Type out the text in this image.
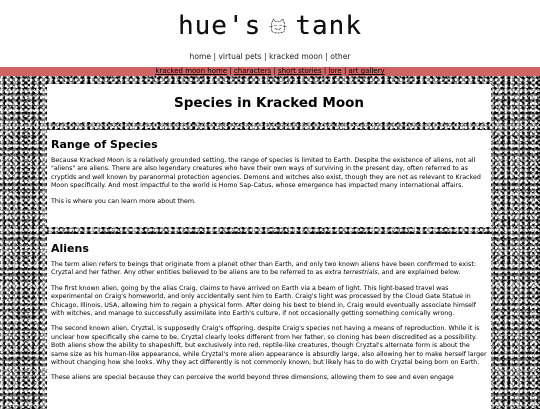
hue's tank
home | virtual pets | kracked moon | other
kracked moon home | characters | short stories | lore | art gallery
Species in Kracked Moon
Range of Species

Because Kracked Moon is a relatively grounded setting, the range of species is limited to Earth. Despite the existence of aliens, not all "aliens" are aliens. There are also legendary creatures who have their own ways of surviving in the present day, often referred to as cryptids and well known by paranormal protection agencies. Demons and witches also exist, though they are not as relevant to Kracked Moon specifically. And most impactful to the world is Homo Sap-Catus, whose emergence has impacted many international affairs.

This is where you can learn more about them.

Aliens

The term alien refers to beings that originate from a planet other than Earth, and only two known aliens have been confirmed to exist: Cryztal and her father. Any other entities believed to be aliens are to be referred to as extra terrestrials, and are explained below.

The first known alien, going by the alias Craig, claims to have arrived on Earth via a beam of light. This light-based travel was experimental on Craig's homeworld, and only accidentally sent him to Earth. Craig's light was processed by the Cloud Gate Statue in Chicago, Illinois, USA, allowing him to regain a physical form. After doing his best to blend in, Craig would eventually associate himself with witches, and manage to successfully assimilate into Earth's culture, if not occasionally getting something comically wrong.

The second known alien, Cryztal, is supposedly Craig's offspring, despite Craig's species not having a means of reproduction. While it is unclear how specifically she came to be, Cryztal clearly looks different from her father, so cloning has been discredited as a possibility. Both aliens show the ability to shapeshift, but exclusively into red, reptile-like creatures, though Cryztal's alternate form is about the same size as his human-like appearance, while Cryztal's more alien appearance is absurdly large, also allowing her to make herself larger without changing how she looks. Why they act differently is not commonly known, but likely has to do with Cryztal being born on Earth.

These aliens are special because they can perceive the world beyond three dimensions, allowing them to see and even engage
